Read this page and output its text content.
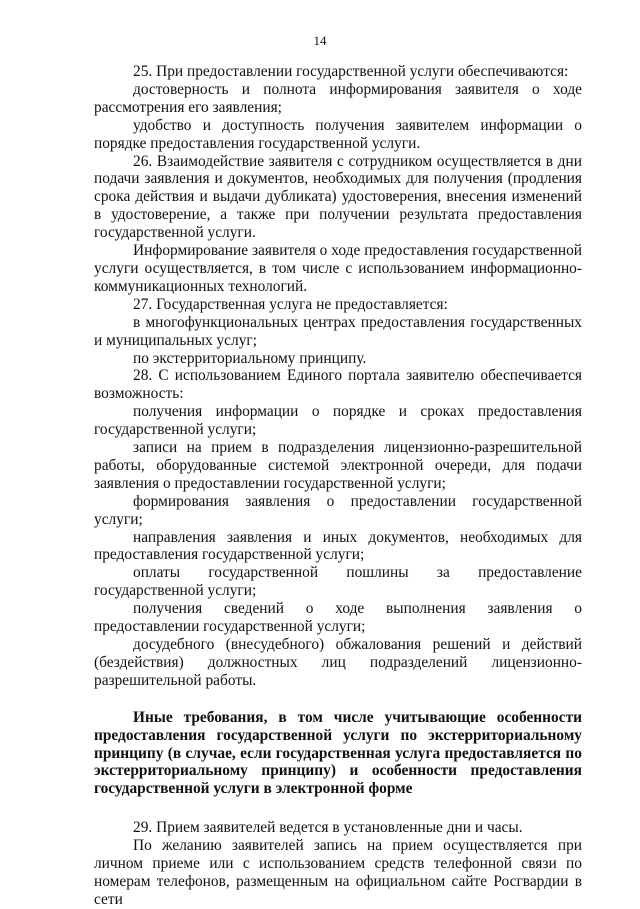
14

25. При предоставлении государственной услуги обеспечиваются:

достоверность и полнота информирования заявителя о ходе рассмотрения его заявления;

удобство и доступность получения заявителем информации о порядке предоставления государственной услуги.

26. Взаимодействие заявителя с сотрудником осуществляется в дни подачи заявления и документов, необходимых для получения (продления срока действия и выдачи дубликата) удостоверения, внесения изменений в удостоверение, а также при получении результата предоставления государственной услуги.

Информирование заявителя о ходе предоставления государственной услуги осуществляется, в том числе с использованием информационно-коммуникационных технологий.

27. Государственная услуга не предоставляется:

в многофункциональных центрах предоставления государственных и муниципальных услуг;

по экстерриториальному принципу.

28. С использованием Единого портала заявителю обеспечивается возможность:

получения информации о порядке и сроках предоставления государственной услуги;

записи на прием в подразделения лицензионно-разрешительной работы, оборудованные системой электронной очереди, для подачи заявления о предоставлении государственной услуги;

формирования заявления о предоставлении государственной услуги;

направления заявления и иных документов, необходимых для предоставления государственной услуги;

оплаты государственной пошлины за предоставление государственной услуги;

получения сведений о ходе выполнения заявления о предоставлении государственной услуги;

досудебного (внесудебного) обжалования решений и действий (бездействия) должностных лиц подразделений лицензионно-разрешительной работы.

Иные требования, в том числе учитывающие особенности предоставления государственной услуги по экстерриториальному принципу (в случае, если государственная услуга предоставляется по экстерриториальному принципу) и особенности предоставления государственной услуги в электронной форме

29. Прием заявителей ведется в установленные дни и часы.

По желанию заявителей запись на прием осуществляется при личном приеме или с использованием средств телефонной связи по номерам телефонов, размещенным на официальном сайте Росгвардии в сети
